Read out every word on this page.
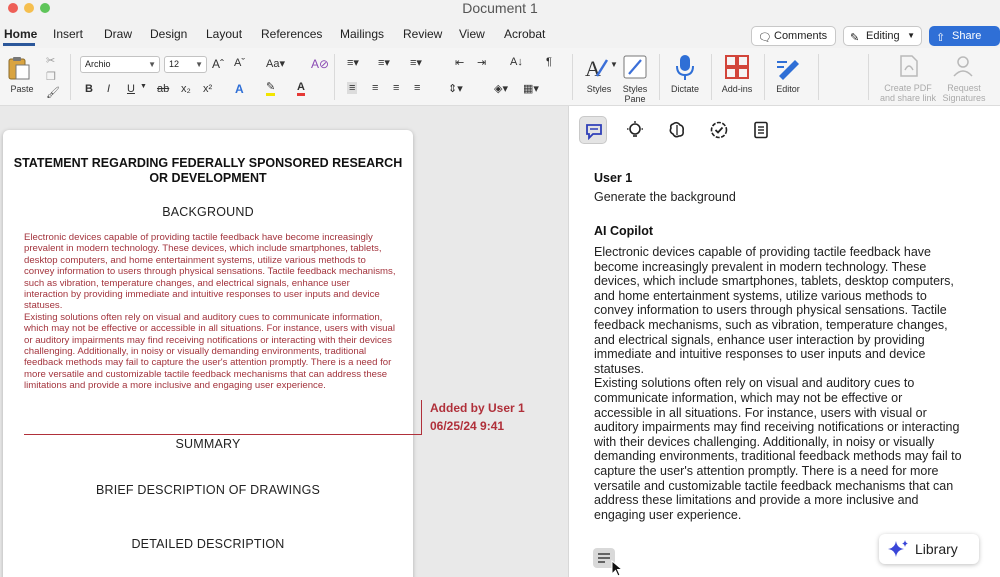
Document 1
Home Insert Draw Design Layout References Mailings Review View Acrobat	🗨 Comments	✎ Editing ▼ ⇧ Share
Paste
✂
❐
🖌
Archio	▼	12 ▼ Aˆ Aˇ Aa▾ A⊘
B I U ▼ ab x₂ x² A ✎ A
≡▾ ≡▾ ≡▾	⇤ ⇥ A↓ ¶
≡ ≡ ≡ ≡	⇕▾	◈▾ ▦▾
A ▼
Styles	Styles Pane
Dictate	Add-ins	Editor	Create PDF and share link
Request Signatures
STATEMENT REGARDING FEDERALLY SPONSORED RESEARCH OR DEVELOPMENT
BACKGROUND

Electronic devices capable of providing tactile feedback have become increasingly prevalent in modern technology. These devices, which include smartphones, tablets, desktop computers, and home entertainment systems, utilize various methods to convey information to users through physical sensations. Tactile feedback mechanisms, such as vibration, temperature changes, and electrical signals, enhance user interaction by providing immediate and intuitive responses to user inputs and device statuses.

Existing solutions often rely on visual and auditory cues to communicate information, which may not be effective or accessible in all situations. For instance, users with visual or auditory impairments may find receiving notifications or interacting with their devices challenging. Additionally, in noisy or visually demanding environments, traditional feedback methods may fail to capture the user's attention promptly. There is a need for more versatile and customizable tactile feedback mechanisms that can address these limitations and provide a more inclusive and engaging user experience.

SUMMARY
BRIEF DESCRIPTION OF DRAWINGS
DETAILED DESCRIPTION
Added by User 1
06/25/24 9:41
User 1
Generate the background
AI Copilot

Electronic devices capable of providing tactile feedback have become increasingly prevalent in modern technology. These devices, which include smartphones, tablets, desktop computers, and home entertainment systems, utilize various methods to convey information to users through physical sensations. Tactile feedback mechanisms, such as vibration, temperature changes, and electrical signals, enhance user interaction by providing immediate and intuitive responses to user inputs and device statuses.

Existing solutions often rely on visual and auditory cues to communicate information, which may not be effective or accessible in all situations. For instance, users with visual or auditory impairments may find receiving notifications or interacting with their devices challenging. Additionally, in noisy or visually demanding environments, traditional feedback methods may fail to capture the user's attention promptly. There is a need for more versatile and customizable tactile feedback mechanisms that can address these limitations and provide a more inclusive and engaging user experience.

Library
